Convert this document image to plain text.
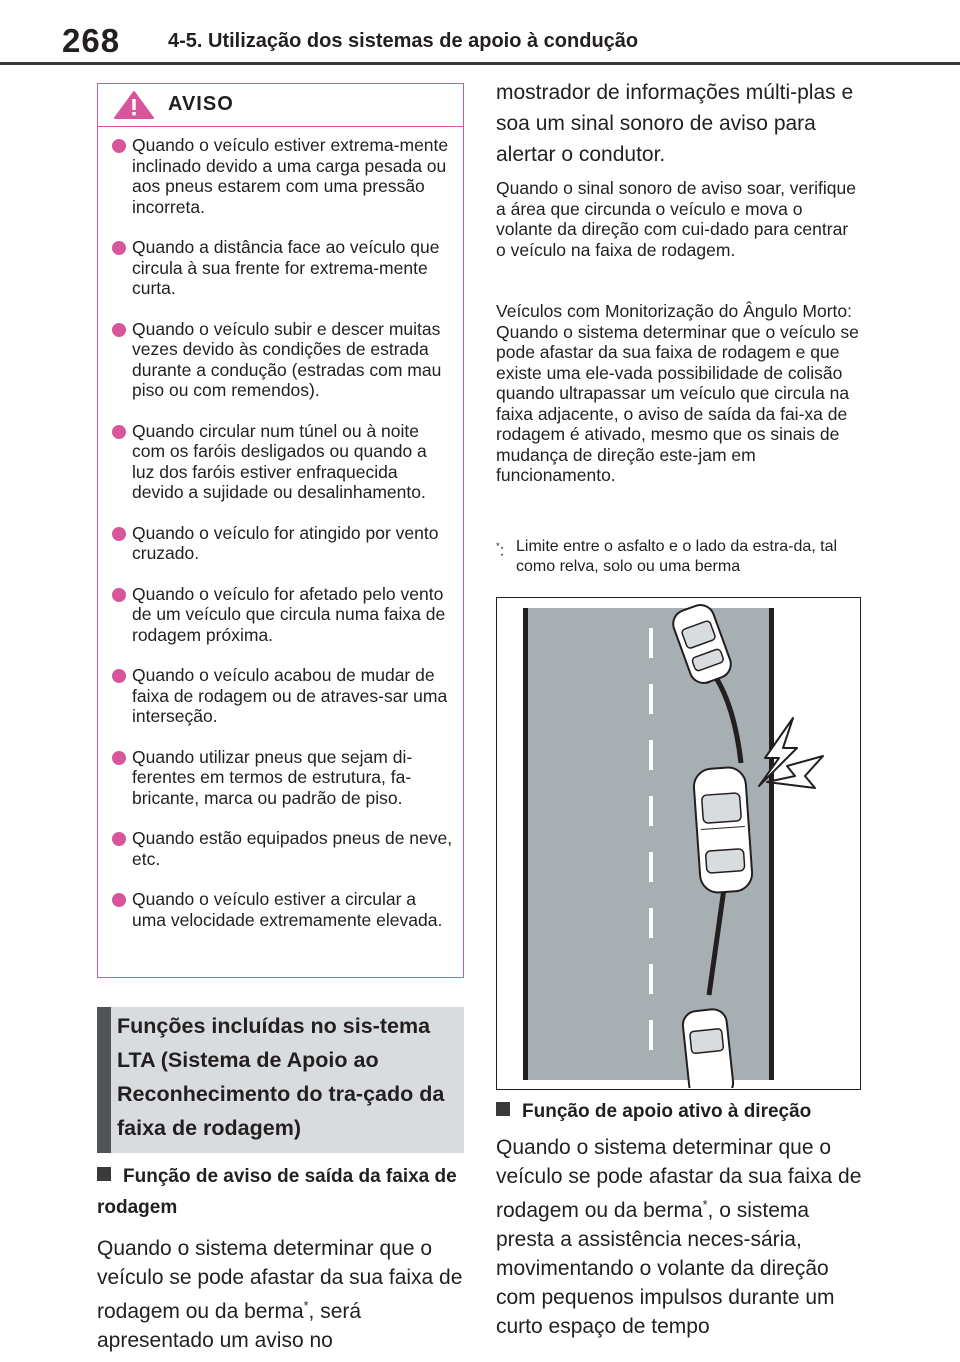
268 4-5. Utilização dos sistemas de apoio à condução
AVISO
Quando o veículo estiver extrema-mente inclinado devido a uma carga pesada ou aos pneus estarem com uma pressão incorreta.
Quando a distância face ao veículo que circula à sua frente for extrema-mente curta.
Quando o veículo subir e descer muitas vezes devido às condições de estrada durante a condução (estradas com mau piso ou com remendos).
Quando circular num túnel ou à noite com os faróis desligados ou quando a luz dos faróis estiver enfraquecida devido a sujidade ou desalinhamento.
Quando o veículo for atingido por vento cruzado.
Quando o veículo for afetado pelo vento de um veículo que circula numa faixa de rodagem próxima.
Quando o veículo acabou de mudar de faixa de rodagem ou de atraves-sar uma interseção.
Quando utilizar pneus que sejam di-ferentes em termos de estrutura, fa-bricante, marca ou padrão de piso.
Quando estão equipados pneus de neve, etc.
Quando o veículo estiver a circular a uma velocidade extremamente elevada.
Funções incluídas no sis-tema LTA (Sistema de Apoio ao Reconhecimento do tra-çado da faixa de rodagem)
Função de aviso de saída da faixa de rodagem
Quando o sistema determinar que o veículo se pode afastar da sua faixa de rodagem ou da berma*, será apresentado um aviso no
mostrador de informações múlti-plas e soa um sinal sonoro de aviso para alertar o condutor.
Quando o sinal sonoro de aviso soar, verifique a área que circunda o veículo e mova o volante da direção com cui-dado para centrar o veículo na faixa de rodagem.
Veículos com Monitorização do Ângulo Morto: Quando o sistema determinar que o veículo se pode afastar da sua faixa de rodagem e que existe uma ele-vada possibilidade de colisão quando ultrapassar um veículo que circula na faixa adjacente, o aviso de saída da fai-xa de rodagem é ativado, mesmo que os sinais de mudança de direção este-jam em funcionamento.
*: Limite entre o asfalto e o lado da estra-da, tal como relva, solo ou uma berma
Função de apoio ativo à direção
Quando o sistema determinar que o veículo se pode afastar da sua faixa de rodagem ou da berma*, o sistema presta a assistência neces-sária, movimentando o volante da direção com pequenos impulsos durante um curto espaço de tempo
